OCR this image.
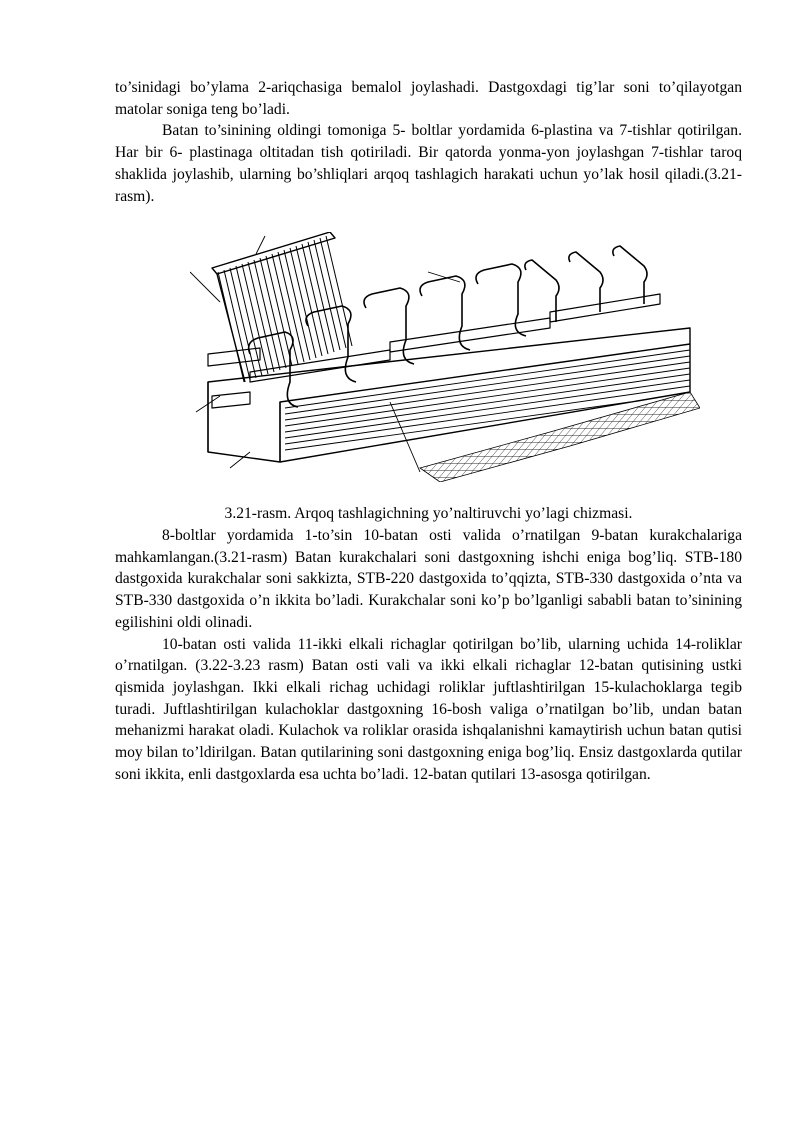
to’sinidagi bo’ylama 2-ariqchasiga bemalol joylashadi. Dastgoxdagi tig’lar soni to’qilayotgan matolar soniga teng bo’ladi.

Batan to’sinining oldingi tomoniga 5- boltlar yordamida 6-plastina va 7-tishlar qotirilgan. Har bir 6- plastinaga oltitadan tish qotiriladi. Bir qatorda yonma-yon joylashgan 7-tishlar taroq shaklida joylashib, ularning bo’shliqlari arqoq tashlagich harakati uchun yo’lak hosil qiladi.(3.21-rasm).

3.21-rasm. Arqoq tashlagichning yo’naltiruvchi yo’lagi chizmasi.

8-boltlar yordamida 1-to’sin 10-batan osti valida o’rnatilgan 9-batan kurakchalariga mahkamlangan.(3.21-rasm) Batan kurakchalari soni dastgoxning ishchi eniga bog’liq. STB-180 dastgoxida kurakchalar soni sakkizta, STB-220 dastgoxida to’qqizta, STB-330 dastgoxida o’nta va STB-330 dastgoxida o’n ikkita bo’ladi. Kurakchalar soni ko’p bo’lganligi sababli batan to’sinining egilishini oldi olinadi.

10-batan osti valida 11-ikki elkali richaglar qotirilgan bo’lib, ularning uchida 14-roliklar o’rnatilgan. (3.22-3.23 rasm) Batan osti vali va ikki elkali richaglar 12-batan qutisining ustki qismida joylashgan. Ikki elkali richag uchidagi roliklar juftlashtirilgan 15-kulachoklarga tegib turadi. Juftlashtirilgan kulachoklar dastgoxning 16-bosh valiga o’rnatilgan bo’lib, undan batan mehanizmi harakat oladi. Kulachok va roliklar orasida ishqalanishni kamaytirish uchun batan qutisi moy bilan to’ldirilgan. Batan qutilarining soni dastgoxning eniga bog’liq. Ensiz dastgoxlarda qutilar soni ikkita, enli dastgoxlarda esa uchta bo’ladi. 12-batan qutilari 13-asosga qotirilgan.
